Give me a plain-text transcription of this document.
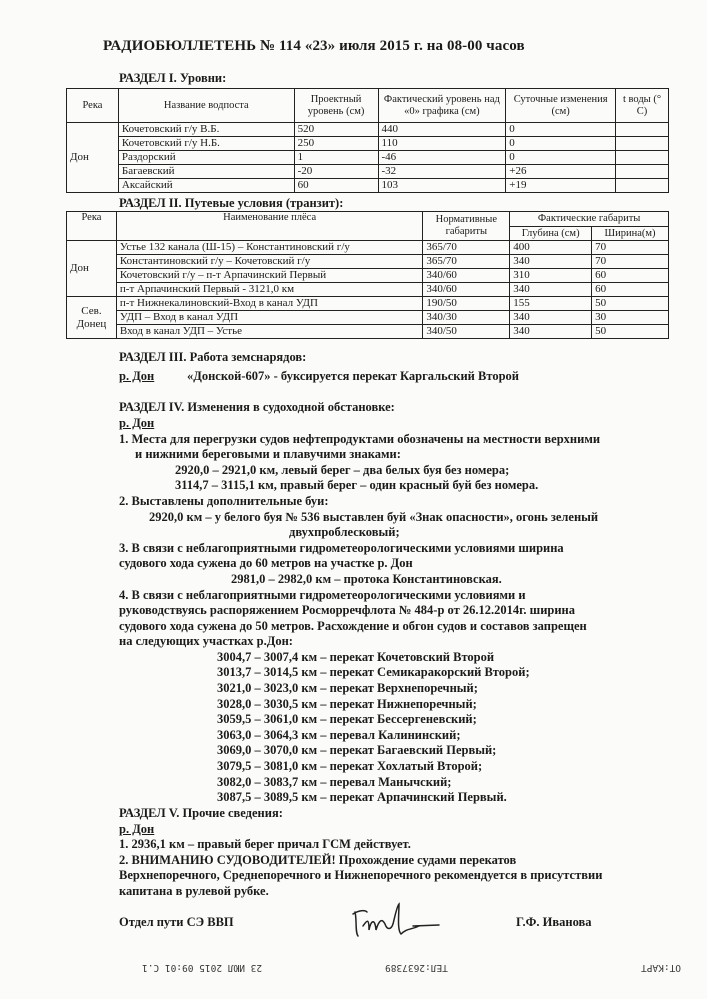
РАДИОБЮЛЛЕТЕНЬ № 114 «23» июля 2015 г. на 08-00 часов
РАЗДЕЛ I. Уровни:
Река	Название водпоста	Проектный уровень (см)	Фактический уровень над «0» графика (см)	Суточные изменения (см)	t воды (° С)
Дон	Кочетовский г/у В.Б.	520	440	0	
	Кочетовский г/у Н.Б.	250	110	0	
	Раздорский	1	-46	0	
	Багаевский	-20	-32	+26	
	Аксайский	60	103	+19	
РАЗДЕЛ II. Путевые условия (транзит):
Река	Наименование плёса	Нормативные габариты	Фактические габариты	
			Глубина (см)	Ширина(м)
Дон	Устье 132 канала (Ш-15) – Константиновский г/у	365/70	400	70
	Константиновский г/у – Кочетовский г/у	365/70	340	70
	Кочетовский г/у – п-т Арпачинский Первый	340/60	310	60
	п-т Арпачинский Первый - 3121,0 км	340/60	340	60
Сев. Донец	п-т Нижнекалиновский-Вход в канал УДП	190/50	155	50
	УДП – Вход в канал УДП	340/30	340	30
	Вход в канал УДП – Устье	340/50	340	50
РАЗДЕЛ III. Работа земснарядов:
р. Дон	«Донской-607» - буксируется перекат Каргальский Второй
РАЗДЕЛ IV. Изменения в судоходной обстановке:
р. Дон
1. Места для перегрузки судов нефтепродуктами обозначены на местности верхними
и нижними береговыми и плавучими знаками:
2920,0 – 2921,0 км, левый берег – два белых буя без номера;
3114,7 – 3115,1 км, правый берег – один красный буй без номера.
2. Выставлены дополнительные буи:
2920,0 км – у белого буя № 536 выставлен буй «Знак опасности», огонь зеленый
двухпроблесковый;
3. В связи с неблагоприятными гидрометеорологическими условиями ширина
судового хода сужена до 60 метров на участке р. Дон
2981,0 – 2982,0 км – протока Константиновская.
4. В связи с неблагоприятными гидрометеорологическими условиями и
руководствуясь распоряжением Росморречфлота № 484-р от 26.12.2014г. ширина
судового хода сужена до 50 метров. Расхождение и обгон судов и составов запрещен
на следующих участках р.Дон:
3004,7 – 3007,4 км – перекат Кочетовский Второй
3013,7 – 3014,5 км – перекат Семикаракорский Второй;
3021,0 – 3023,0 км – перекат Верхнепоречный;
3028,0 – 3030,5 км – перекат Нижнепоречный;
3059,5 – 3061,0 км – перекат Бессергеневский;
3063,0 – 3064,3 км – перевал Калининский;
3069,0 – 3070,0 км – перекат Багаевский Первый;
3079,5 – 3081,0 км – перекат Хохлатый Второй;
3082,0 – 3083,7 км – перевал Манычский;
3087,5 – 3089,5 км – перекат Арпачинский Первый.
РАЗДЕЛ V. Прочие сведения:
р. Дон
1. 2936,1 км – правый берег причал ГСМ действует.
2. ВНИМАНИЮ СУДОВОДИТЕЛЕЙ! Прохождение судами перекатов
Верхнепоречного, Среднепоречного и Нижнепоречного рекомендуется в присутствии
капитана в рулевой рубке.
Отдел пути СЭ ВВП	Г.Ф. Иванова
ОТ:КАРТ
ТЕЛ:2637389
23 ИЮЛ 2015 09:01 С.1
